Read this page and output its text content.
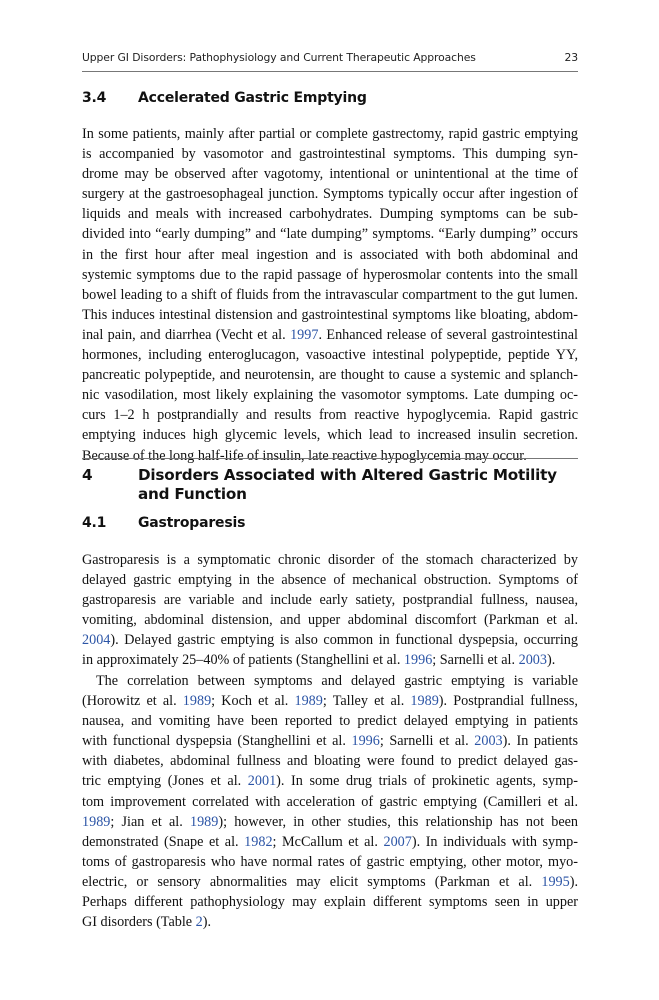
Upper GI Disorders: Pathophysiology and Current Therapeutic Approaches	23
3.4 Accelerated Gastric Emptying

In some patients, mainly after partial or complete gastrectomy, rapid gastric emptying
is accompanied by vasomotor and gastrointestinal symptoms. This dumping syn-
drome may be observed after vagotomy, intentional or unintentional at the time of
surgery at the gastroesophageal junction. Symptoms typically occur after ingestion of
liquids and meals with increased carbohydrates. Dumping symptoms can be sub-
divided into “early dumping” and “late dumping” symptoms. “Early dumping” occurs
in the first hour after meal ingestion and is associated with both abdominal and
systemic symptoms due to the rapid passage of hyperosmolar contents into the small
bowel leading to a shift of fluids from the intravascular compartment to the gut lumen.
This induces intestinal distension and gastrointestinal symptoms like bloating, abdom-
inal pain, and diarrhea (Vecht et al. 1997. Enhanced release of several gastrointestinal
hormones, including enteroglucagon, vasoactive intestinal polypeptide, peptide YY,
pancreatic polypeptide, and neurotensin, are thought to cause a systemic and splanch-
nic vasodilation, most likely explaining the vasomotor symptoms. Late dumping oc-
curs 1–2 h postprandially and results from reactive hypoglycemia. Rapid gastric
emptying induces high glycemic levels, which lead to increased insulin secretion.
Because of the long half-life of insulin, late reactive hypoglycemia may occur.

4	Disorders Associated with Altered Gastric Motility
and Function
4.1 Gastroparesis

Gastroparesis is a symptomatic chronic disorder of the stomach characterized by
delayed gastric emptying in the absence of mechanical obstruction. Symptoms of
gastroparesis are variable and include early satiety, postprandial fullness, nausea,
vomiting, abdominal distension, and upper abdominal discomfort (Parkman et al.
2004). Delayed gastric emptying is also common in functional dyspepsia, occurring
in approximately 25–40% of patients (Stanghellini et al. 1996; Sarnelli et al. 2003).

The correlation between symptoms and delayed gastric emptying is variable
(Horowitz et al. 1989; Koch et al. 1989; Talley et al. 1989). Postprandial fullness,
nausea, and vomiting have been reported to predict delayed emptying in patients
with functional dyspepsia (Stanghellini et al. 1996; Sarnelli et al. 2003). In patients
with diabetes, abdominal fullness and bloating were found to predict delayed gas-
tric emptying (Jones et al. 2001). In some drug trials of prokinetic agents, symp-
tom improvement correlated with acceleration of gastric emptying (Camilleri et al.
1989; Jian et al. 1989); however, in other studies, this relationship has not been
demonstrated (Snape et al. 1982; McCallum et al. 2007). In individuals with symp-
toms of gastroparesis who have normal rates of gastric emptying, other motor, myo-
electric, or sensory abnormalities may elicit symptoms (Parkman et al. 1995).
Perhaps different pathophysiology may explain different symptoms seen in upper
GI disorders (Table 2).
